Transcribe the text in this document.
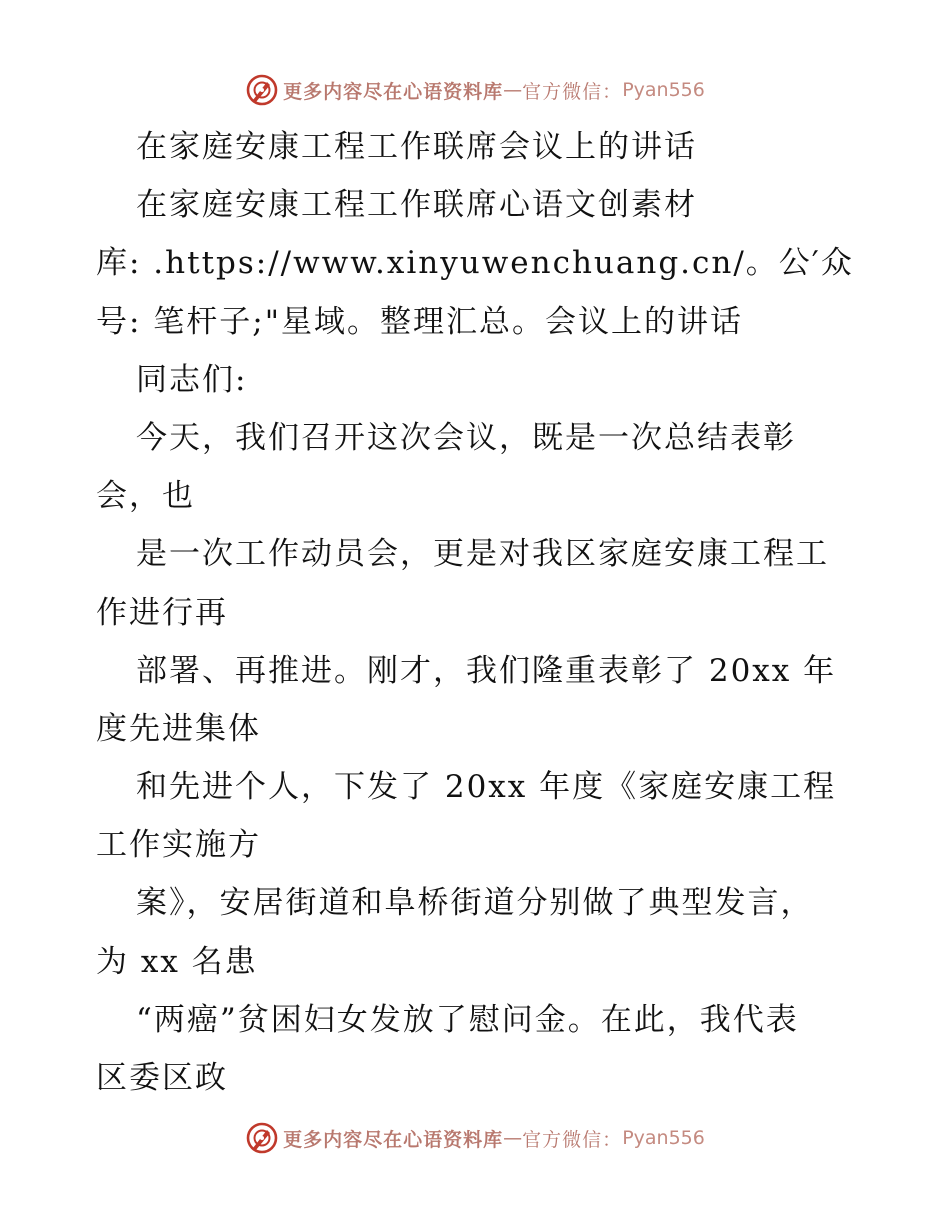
更多内容尽在心语资料库 — 官方微信： Pyan556
在家庭安康工程工作联席会议上的讲话
在家庭安康工程工作联席心语文创素材
库: .https://www.xinyuwenchuang.cn/。公′众
号: 笔杆子;"星域。整理汇总。会议上的讲话
同志们:
今天，我们召开这次会议，既是一次总结表彰
会，也
是一次工作动员会，更是对我区家庭安康工程工
作进行再
部署、再推进。刚才，我们隆重表彰了 20xx 年
度先进集体
和先进个人，下发了 20xx 年度《家庭安康工程
工作实施方
案》，安居街道和阜桥街道分别做了典型发言，
为 xx 名患
“两癌”贫困妇女发放了慰问金。在此，我代表
区委区政
更多内容尽在心语资料库 — 官方微信： Pyan556
